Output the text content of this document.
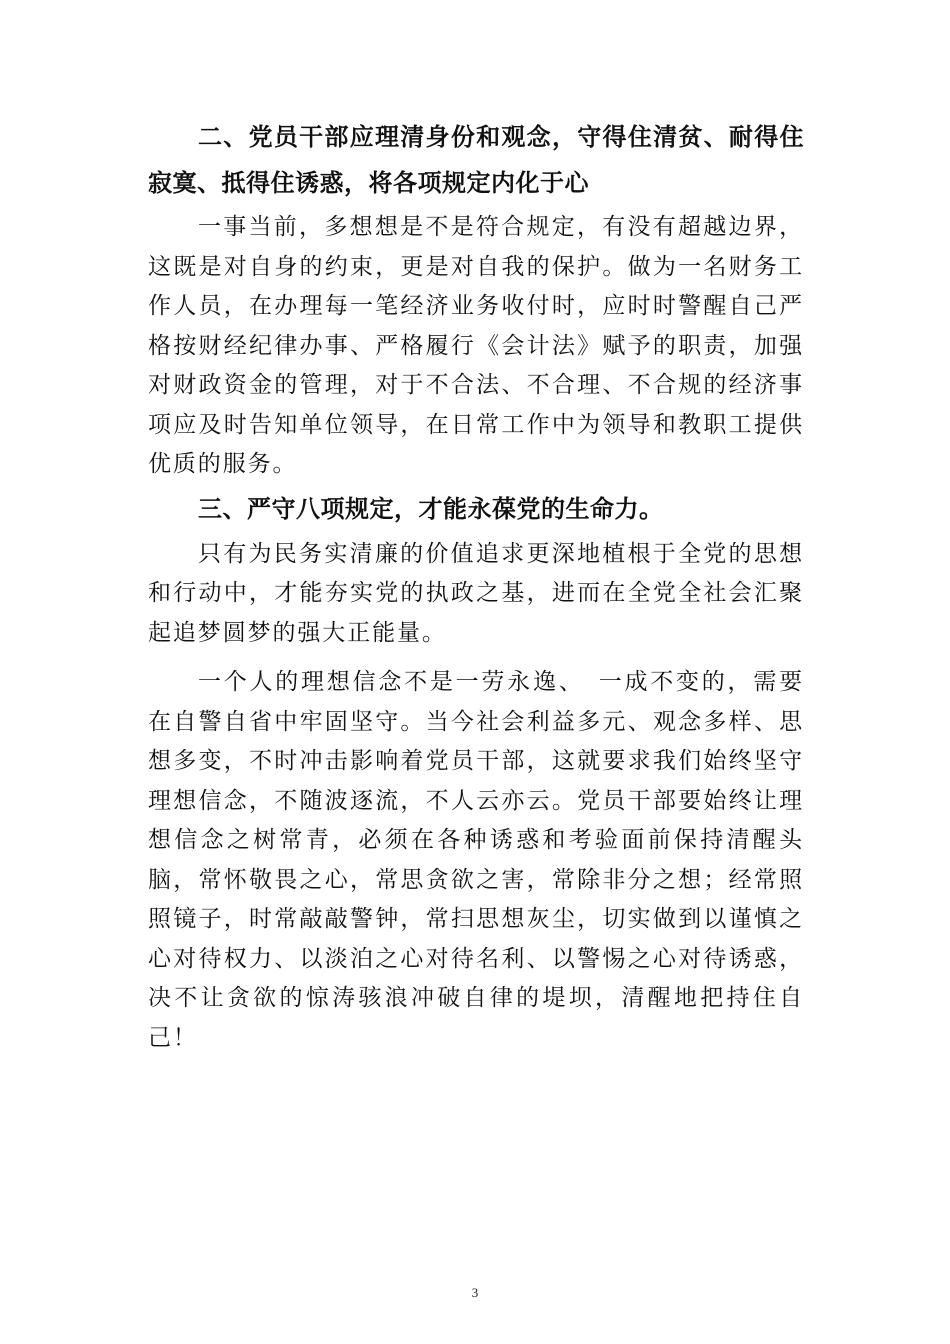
二、党员干部应理清身份和观念，守得住清贫、耐得住寂寞、抵得住诱惑，将各项规定内化于心

一事当前，多想想是不是符合规定，有没有超越边界，这既是对自身的约束，更是对自我的保护。做为一名财务工作人员，在办理每一笔经济业务收付时，应时时警醒自己严格按财经纪律办事、严格履行《会计法》赋予的职责，加强对财政资金的管理，对于不合法、不合理、不合规的经济事项应及时告知单位领导，在日常工作中为领导和教职工提供优质的服务。

三、严守八项规定，才能永葆党的生命力。

只有为民务实清廉的价值追求更深地植根于全党的思想和行动中，才能夯实党的执政之基，进而在全党全社会汇聚起追梦圆梦的强大正能量。

一个人的理想信念不是一劳永逸、　一成不变的，需要在自警自省中牢固坚守。当今社会利益多元、观念多样、思想多变，不时冲击影响着党员干部，这就要求我们始终坚守理想信念，不随波逐流，不人云亦云。党员干部要始终让理想信念之树常青，必须在各种诱惑和考验面前保持清醒头脑，常怀敬畏之心，常思贪欲之害，常除非分之想；经常照照镜子，时常敲敲警钟，常扫思想灰尘，切实做到以谨慎之心对待权力、以淡泊之心对待名利、以警惕之心对待诱惑，决不让贪欲的惊涛骇浪冲破自律的堤坝，清醒地把持住自己！

3
